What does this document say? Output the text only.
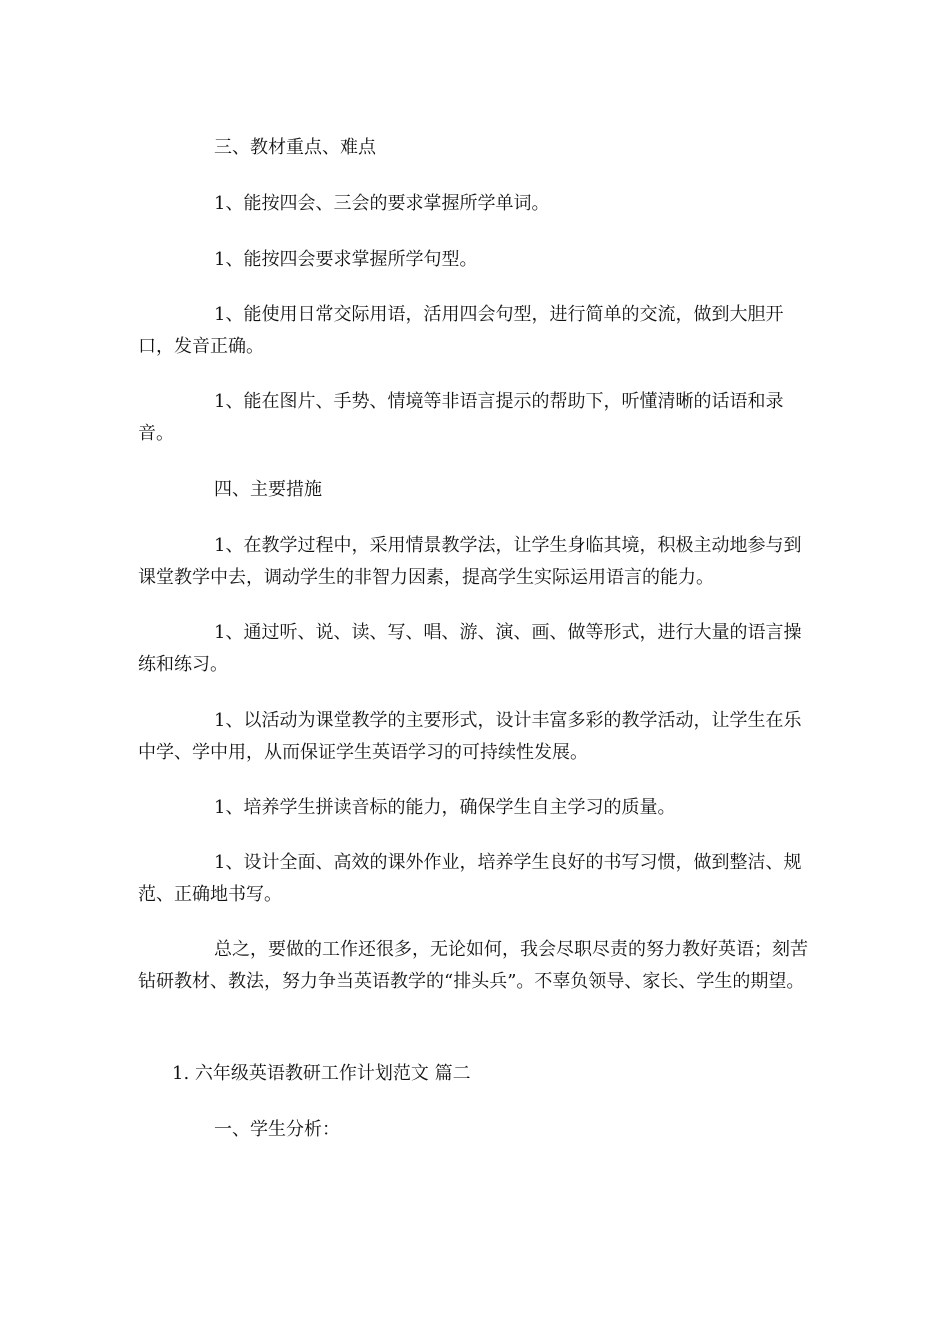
三、教材重点、难点

1、能按四会、三会的要求掌握所学单词。

1、能按四会要求掌握所学句型。

1、能使用日常交际用语，活用四会句型，进行简单的交流，做到大胆开口，发音正确。

1、能在图片、手势、情境等非语言提示的帮助下，听懂清晰的话语和录音。

四、主要措施

1、在教学过程中，采用情景教学法，让学生身临其境，积极主动地参与到课堂教学中去，调动学生的非智力因素，提高学生实际运用语言的能力。

1、通过听、说、读、写、唱、游、演、画、做等形式，进行大量的语言操练和练习。

1、以活动为课堂教学的主要形式，设计丰富多彩的教学活动，让学生在乐中学、学中用，从而保证学生英语学习的可持续性发展。

1、培养学生拼读音标的能力，确保学生自主学习的质量。

1、设计全面、高效的课外作业，培养学生良好的书写习惯，做到整洁、规范、正确地书写。

总之，要做的工作还很多，无论如何，我会尽职尽责的努力教好英语；刻苦钻研教材、教法，努力争当英语教学的“排头兵”。不辜负领导、家长、学生的期望。

1. 六年级英语教研工作计划范文 篇二

一、学生分析：
